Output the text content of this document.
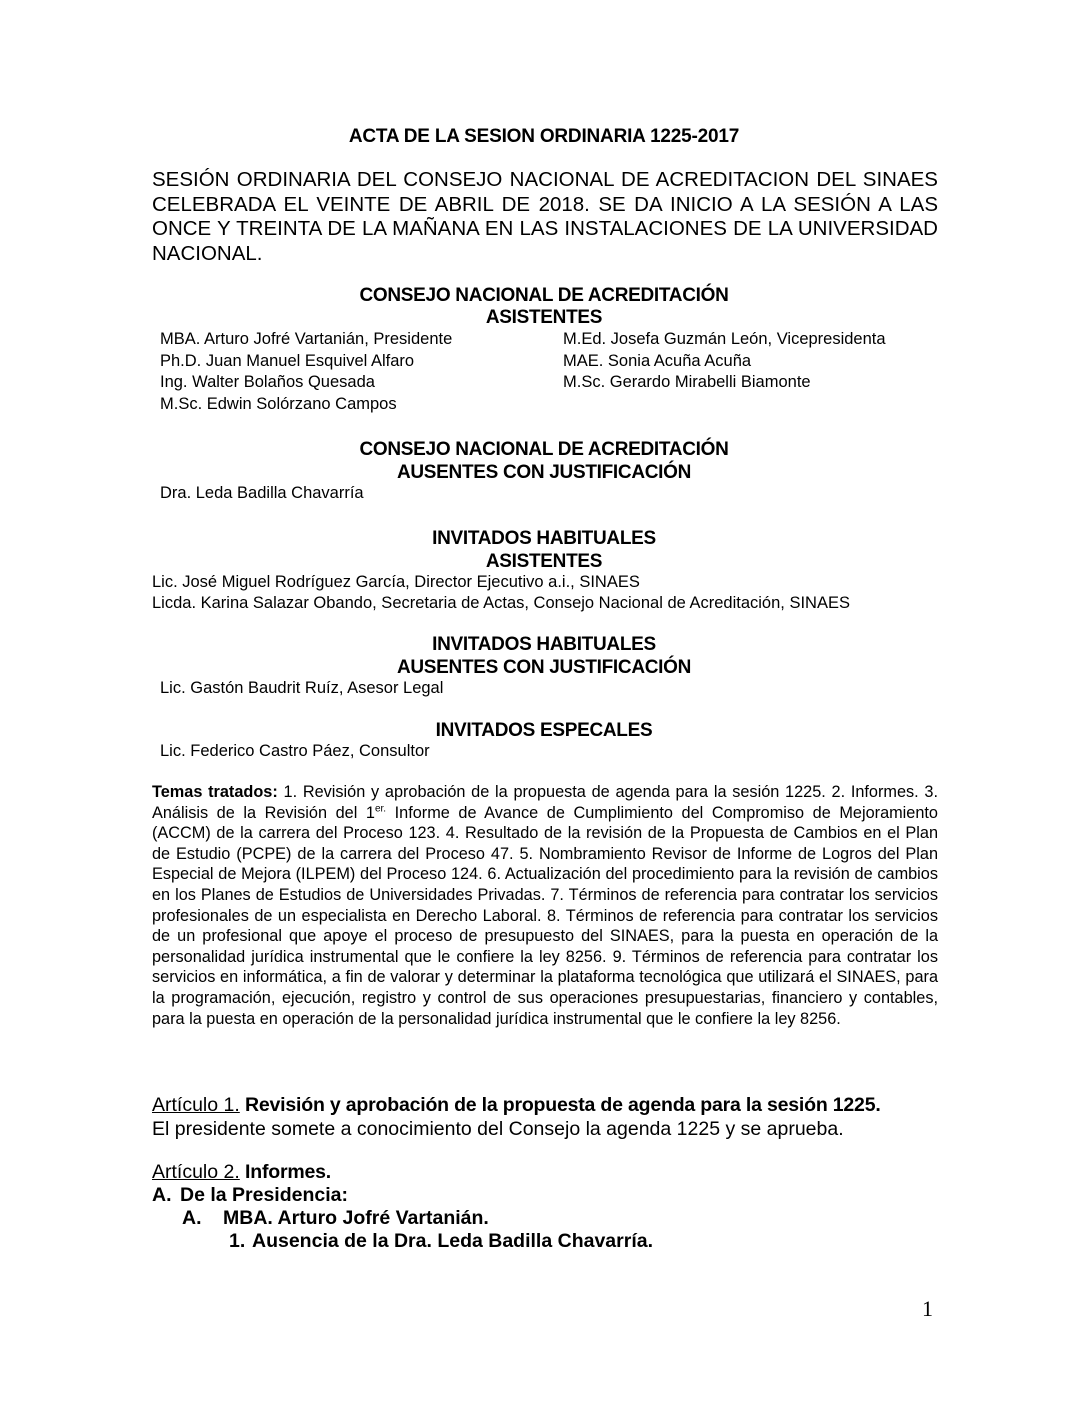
ACTA DE LA SESION ORDINARIA 1225-2017
SESIÓN ORDINARIA DEL CONSEJO NACIONAL DE ACREDITACION DEL SINAES CELEBRADA EL VEINTE DE ABRIL DE 2018. SE DA INICIO A LA SESIÓN A LAS ONCE Y TREINTA DE LA MAÑANA EN LAS INSTALACIONES DE LA UNIVERSIDAD NACIONAL.
CONSEJO NACIONAL DE ACREDITACIÓN
ASISTENTES
MBA. Arturo Jofré Vartanián, Presidente
Ph.D. Juan Manuel Esquivel Alfaro
Ing. Walter Bolaños Quesada
M.Sc. Edwin Solórzano Campos
M.Ed. Josefa Guzmán León, Vicepresidenta
MAE. Sonia Acuña Acuña
M.Sc. Gerardo Mirabelli Biamonte
CONSEJO NACIONAL DE ACREDITACIÓN
AUSENTES CON JUSTIFICACIÓN
Dra. Leda Badilla Chavarría
INVITADOS HABITUALES
ASISTENTES
Lic. José Miguel Rodríguez García, Director Ejecutivo a.i., SINAES
Licda. Karina Salazar Obando, Secretaria de Actas, Consejo Nacional de Acreditación, SINAES
INVITADOS HABITUALES
AUSENTES CON JUSTIFICACIÓN
Lic. Gastón Baudrit Ruíz, Asesor Legal
INVITADOS ESPECALES
Lic. Federico Castro Páez, Consultor
Temas tratados: 1. Revisión y aprobación de la propuesta de agenda para la sesión 1225. 2. Informes. 3. Análisis de la Revisión del $1^{er.}$ Informe de Avance de Cumplimiento del Compromiso de Mejoramiento (ACCM) de la carrera del Proceso 123. 4. Resultado de la revisión de la Propuesta de Cambios en el Plan de Estudio (PCPE) de la carrera del Proceso 47. 5. Nombramiento Revisor de Informe de Logros del Plan Especial de Mejora (ILPEM) del Proceso 124. 6. Actualización del procedimiento para la revisión de cambios en los Planes de Estudios de Universidades Privadas. 7. Términos de referencia para contratar los servicios profesionales de un especialista en Derecho Laboral. 8. Términos de referencia para contratar los servicios de un profesional que apoye el proceso de presupuesto del SINAES, para la puesta en operación de la personalidad jurídica instrumental que le confiere la ley 8256. 9. Términos de referencia para contratar los servicios en informática, a fin de valorar y determinar la plataforma tecnológica que utilizará el SINAES, para la programación, ejecución, registro y control de sus operaciones presupuestarias, financiero y contables, para la puesta en operación de la personalidad jurídica instrumental que le confiere la ley 8256.
Artículo 1. Revisión y aprobación de la propuesta de agenda para la sesión 1225.
El presidente somete a conocimiento del Consejo la agenda 1225 y se aprueba.
Artículo 2. Informes.
A. De la Presidencia:
A. MBA. Arturo Jofré Vartanián.
1. Ausencia de la Dra. Leda Badilla Chavarría.
1
